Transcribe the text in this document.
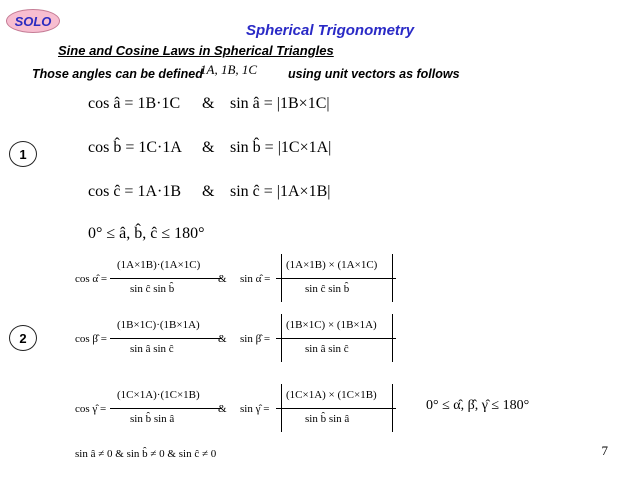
SOLO
Spherical Trigonometry
Sine and Cosine Laws in Spherical Triangles
Those angles can be defined
1A, 1B, 1C using unit vectors as follows
1
cos â = 1B·1C & sin â = |1B×1C|
cos b̂ = 1C·1A & sin b̂ = |1C×1A|
cos ĉ = 1A·1B & sin ĉ = |1A×1B|
0° ≤ â, b̂, ĉ ≤ 180°
2
cos α̂ =
(1A×1B)·(1A×1C)
sin ĉ sin b̂
& sin α̂ =
(1A×1B) × (1A×1C)
sin ĉ sin b̂
cos β̂ =
(1B×1C)·(1B×1A)
sin â sin ĉ
& sin β̂ =
(1B×1C) × (1B×1A)
sin â sin ĉ
cos γ̂ =
(1C×1A)·(1C×1B)
sin b̂ sin â
& sin γ̂ =
(1C×1A) × (1C×1B)
sin b̂ sin â
0° ≤ α̂, β̂, γ̂ ≤ 180°
sin â ≠ 0 & sin b̂ ≠ 0 & sin ĉ ≠ 0	7
